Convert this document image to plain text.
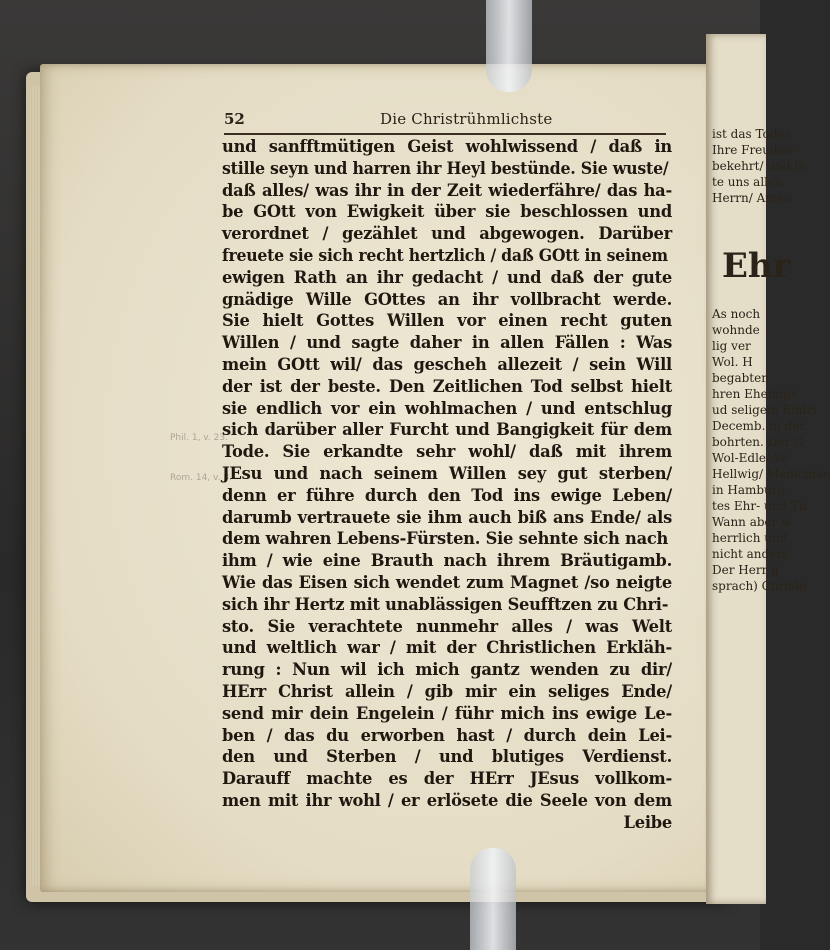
ist das Todes
Ihre Freuden-
bekehrt/ und in
te uns allen
Herrn/ Amen
Ehr
As noch
wohnde
lig ver
Wol. H
begabten
hren Ehelings
ud seligem Eintri
Decemb. in der
bohrten. Der G
Wol-Edle/ Ve
Hellwig/ Medicinae
in Hamburg.
tes Ehr- und Tu
Wann aber w
herrlich und
nicht anders
Der Herr g
sprach) Christo
52	Die Christrühmlichste
Phil. 1, v. 23.
Rom. 14, v. 8.
und sanfftmütigen Geist wohlwissend / daß in
stille seyn und harren ihr Heyl bestünde. Sie wuste/
daß alles/ was ihr in der Zeit wiederfähre/ das ha-
be GOtt von Ewigkeit über sie beschlossen und
verordnet / gezählet und abgewogen. Darüber
freuete sie sich recht hertzlich / daß GOtt in seinem
ewigen Rath an ihr gedacht / und daß der gute
gnädige Wille GOttes an ihr vollbracht werde.
Sie hielt Gottes Willen vor einen recht guten
Willen / und sagte daher in allen Fällen : Was
mein GOtt wil/ das gescheh allezeit / sein Will
der ist der beste. Den Zeitlichen Tod selbst hielt
sie endlich vor ein wohlmachen / und entschlug
sich darüber aller Furcht und Bangigkeit für dem
Tode. Sie erkandte sehr wohl/ daß mit ihrem
JEsu und nach seinem Willen sey gut sterben/
denn er führe durch den Tod ins ewige Leben/
darumb vertrauete sie ihm auch biß ans Ende/ als
dem wahren Lebens-Fürsten. Sie sehnte sich nach
ihm / wie eine Brauth nach ihrem Bräutigamb.
Wie das Eisen sich wendet zum Magnet /so neigte
sich ihr Hertz mit unablässigen Seufftzen zu Chri-
sto. Sie verachtete nunmehr alles / was Welt
und weltlich war / mit der Christlichen Erkläh-
rung : Nun wil ich mich gantz wenden zu dir/
HErr Christ allein / gib mir ein seliges Ende/
send mir dein Engelein / führ mich ins ewige Le-
ben / das du erworben hast / durch dein Lei-
den und Sterben / und blutiges Verdienst.
Darauff machte es der HErr JEsus vollkom-
men mit ihr wohl / er erlösete die Seele von dem
Leibe
